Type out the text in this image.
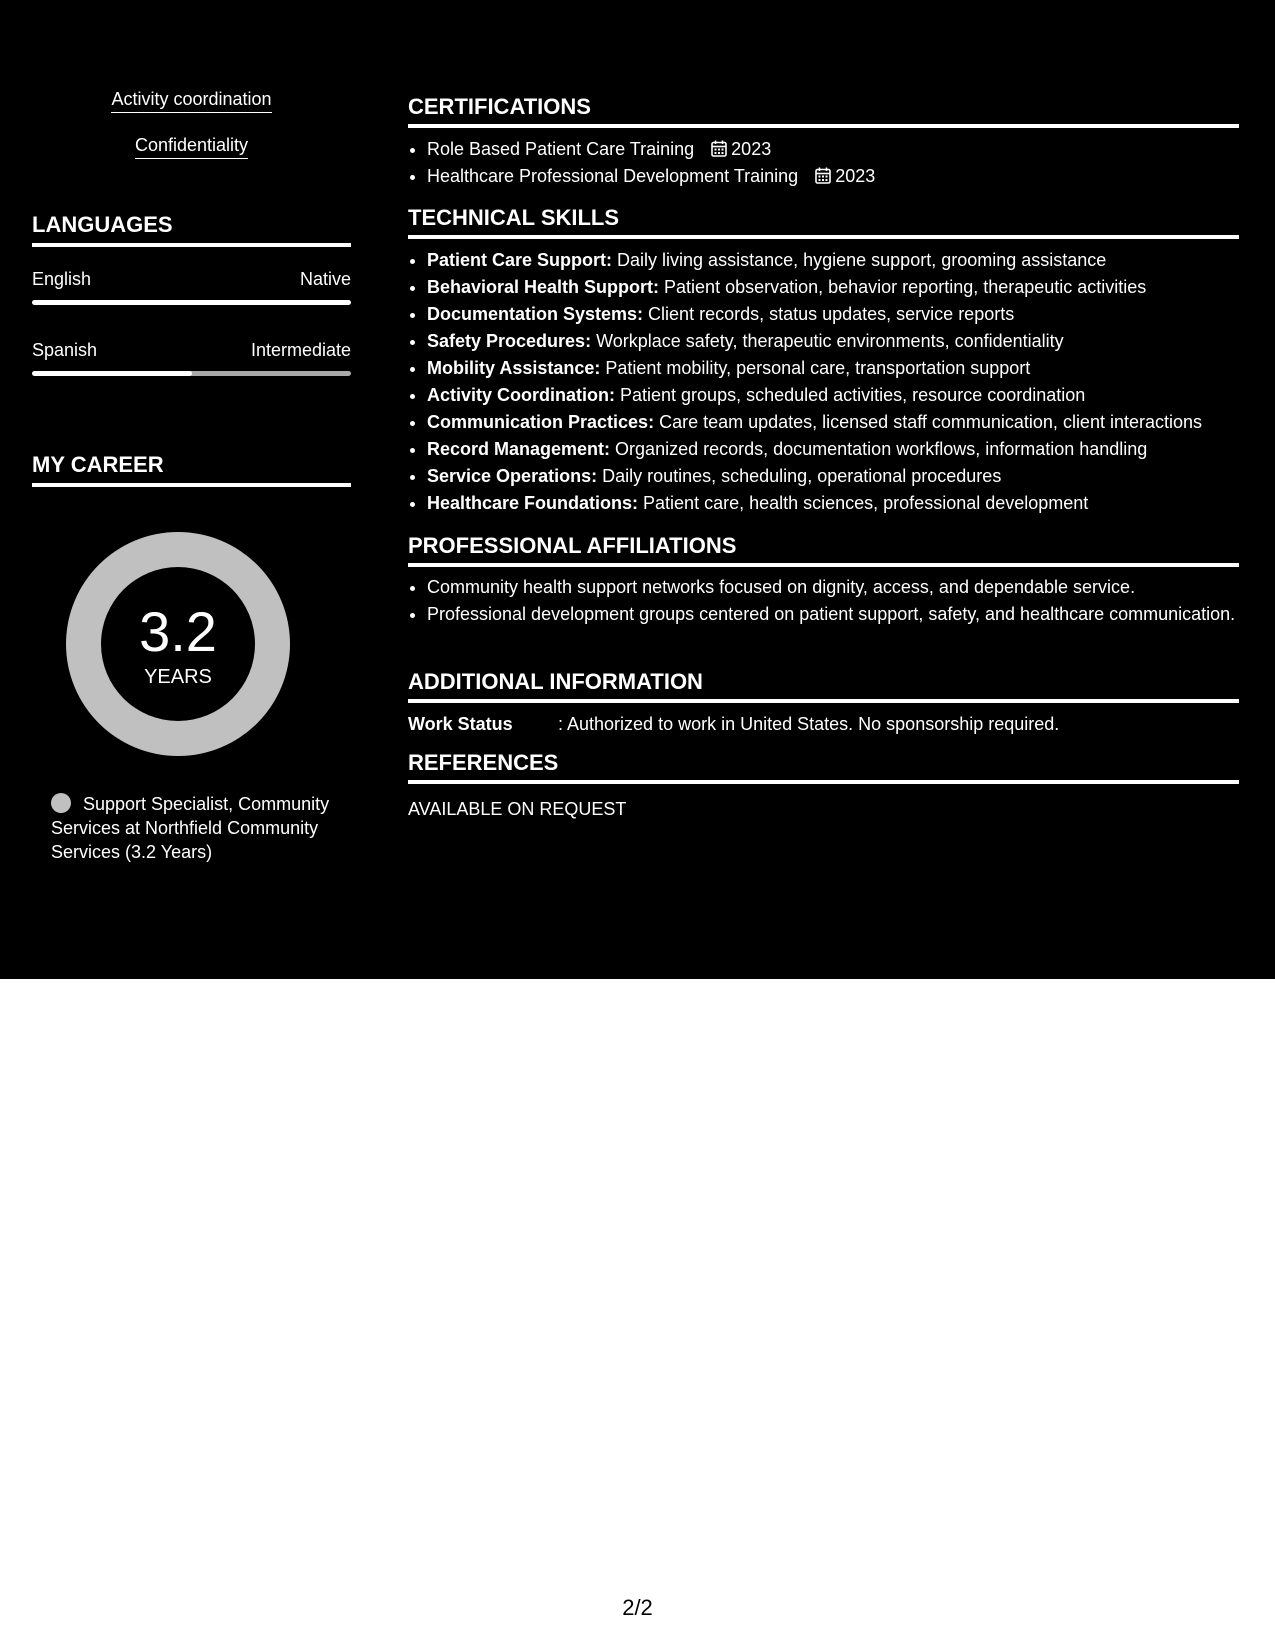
Activity coordination
Confidentiality
LANGUAGES
English	Native
Spanish	Intermediate
MY CAREER
3.2
YEARS
Support Specialist, Community Services at Northfield Community Services (3.2 Years)
CERTIFICATIONS
• Role Based Patient Care Training 2023
• Healthcare Professional Development Training 2023
TECHNICAL SKILLS
• Patient Care Support: Daily living assistance, hygiene support, grooming assistance
• Behavioral Health Support: Patient observation, behavior reporting, therapeutic activities
• Documentation Systems: Client records, status updates, service reports
• Safety Procedures: Workplace safety, therapeutic environments, confidentiality
• Mobility Assistance: Patient mobility, personal care, transportation support
• Activity Coordination: Patient groups, scheduled activities, resource coordination
• Communication Practices: Care team updates, licensed staff communication, client interactions
• Record Management: Organized records, documentation workflows, information handling
• Service Operations: Daily routines, scheduling, operational procedures
• Healthcare Foundations: Patient care, health sciences, professional development
PROFESSIONAL AFFILIATIONS
• Community health support networks focused on dignity, access, and dependable service.
• Professional development groups centered on patient support, safety, and healthcare communication.
ADDITIONAL INFORMATION
Work Status	: Authorized to work in United States. No sponsorship required.
REFERENCES
AVAILABLE ON REQUEST
2/2
